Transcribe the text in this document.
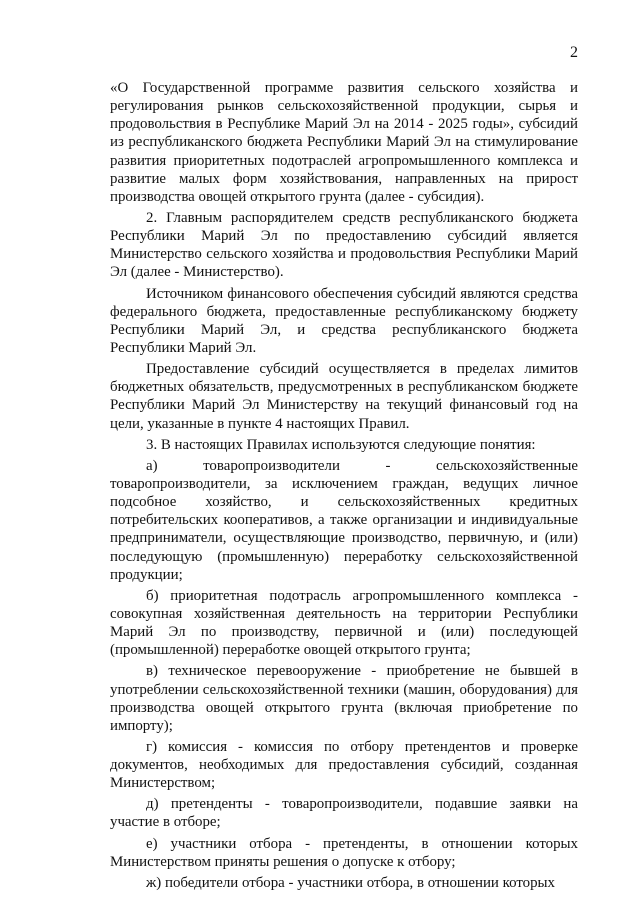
2

«О Государственной программе развития сельского хозяйства и регулирования рынков сельскохозяйственной продукции, сырья и продовольствия в Республике Марий Эл на 2014 - 2025 годы», субсидий из республиканского бюджета Республики Марий Эл на стимулирование развития приоритетных подотраслей агропромышленного комплекса и развитие малых форм хозяйствования, направленных на прирост производства овощей открытого грунта (далее - субсидия).

2. Главным распорядителем средств республиканского бюджета Республики Марий Эл по предоставлению субсидий является Министерство сельского хозяйства и продовольствия Республики Марий Эл (далее - Министерство).

Источником финансового обеспечения субсидий являются средства федерального бюджета, предоставленные республиканскому бюджету Республики Марий Эл, и средства республиканского бюджета Республики Марий Эл.

Предоставление субсидий осуществляется в пределах лимитов бюджетных обязательств, предусмотренных в республиканском бюджете Республики Марий Эл Министерству на текущий финансовый год на цели, указанные в пункте 4 настоящих Правил.

3. В настоящих Правилах используются следующие понятия:

а) товаропроизводители - сельскохозяйственные товаропроизводители, за исключением граждан, ведущих личное подсобное хозяйство, и сельскохозяйственных кредитных потребительских кооперативов, а также организации и индивидуальные предприниматели, осуществляющие производство, первичную, и (или) последующую (промышленную) переработку сельскохозяйственной продукции;

б) приоритетная подотрасль агропромышленного комплекса - совокупная хозяйственная деятельность на территории Республики Марий Эл по производству, первичной и (или) последующей (промышленной) переработке овощей открытого грунта;

в) техническое перевооружение - приобретение не бывшей в употреблении сельскохозяйственной техники (машин, оборудования) для производства овощей открытого грунта (включая приобретение по импорту);

г) комиссия - комиссия по отбору претендентов и проверке документов, необходимых для предоставления субсидий, созданная Министерством;

д) претенденты - товаропроизводители, подавшие заявки на участие в отборе;

е) участники отбора - претенденты, в отношении которых Министерством приняты решения о допуске к отбору;

ж) победители отбора - участники отбора, в отношении которых
